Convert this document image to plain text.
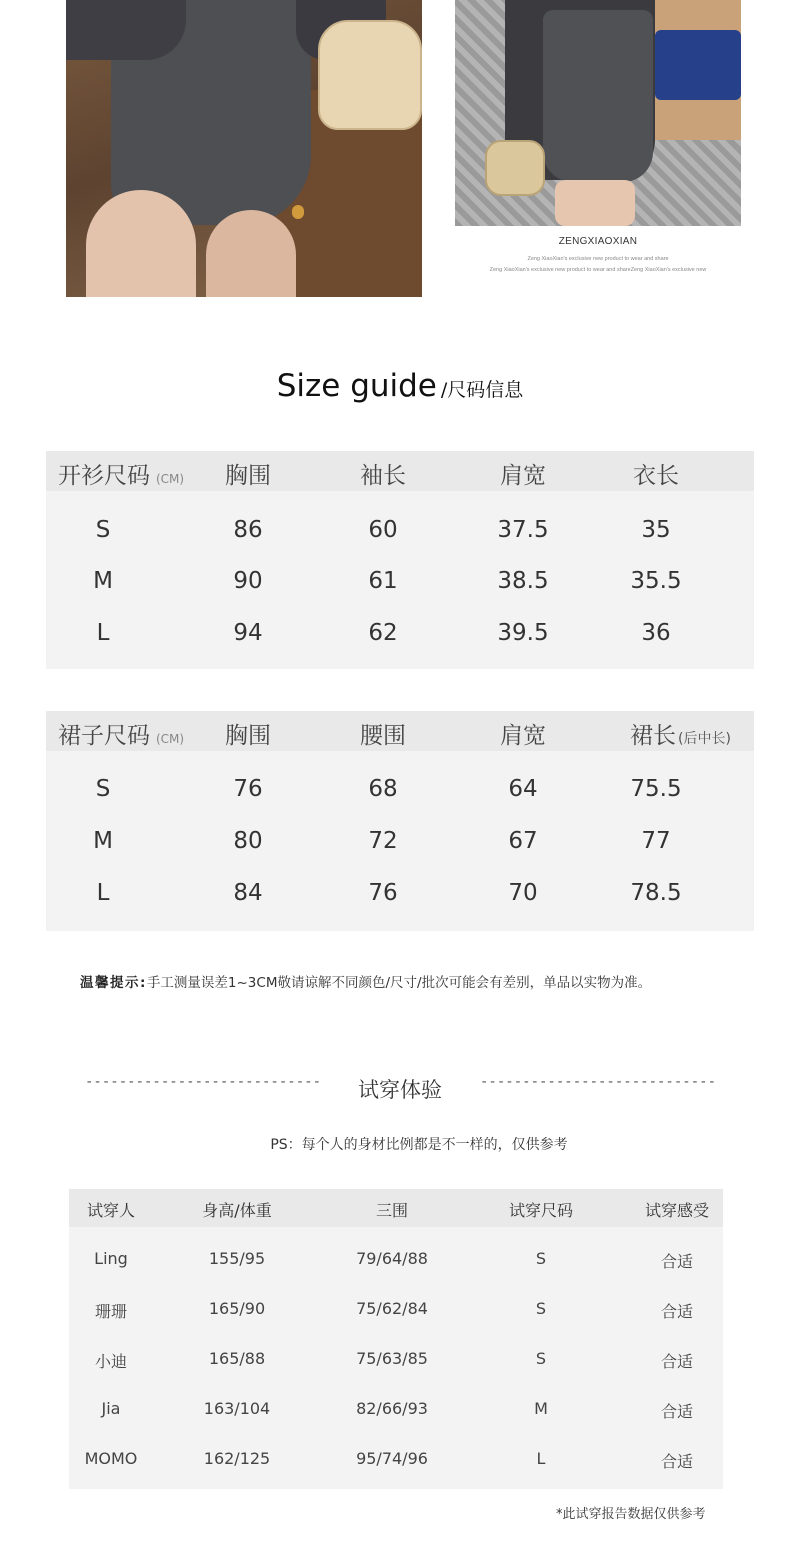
ZENGXIAOXIAN
Zeng XiaoXian's exclusive new product to wear and share
Zeng XiaoXian's exclusive new product to wear and shareZeng XiaoXian's exclusive new
Size guide /尺码信息
开衫尺码 (CM)	胸围	袖长	肩宽	衣长
S	86	60	37.5	35
M	90	61	38.5	35.5
L	94	62	39.5	36
裙子尺码 (CM)	胸围	腰围	肩宽	裙长 (后中长)
S	76	68	64	75.5
M	80	72	67	77
L	84	76	70	78.5
温馨提示:手工测量误差1~3CM敬请谅解不同颜色/尺寸/批次可能会有差别，单品以实物为准。
----------------------------	试穿体验	----------------------------
PS：每个人的身材比例都是不一样的，仅供参考
试穿人	身高/体重	三围	试穿尺码	试穿感受
Ling	155/95	79/64/88	S	合适
珊珊	165/90	75/62/84	S	合适
小迪	165/88	75/63/85	S	合适
Jia	163/104	82/66/93	M	合适
MOMO	162/125	95/74/96	L	合适
*此试穿报告数据仅供参考
